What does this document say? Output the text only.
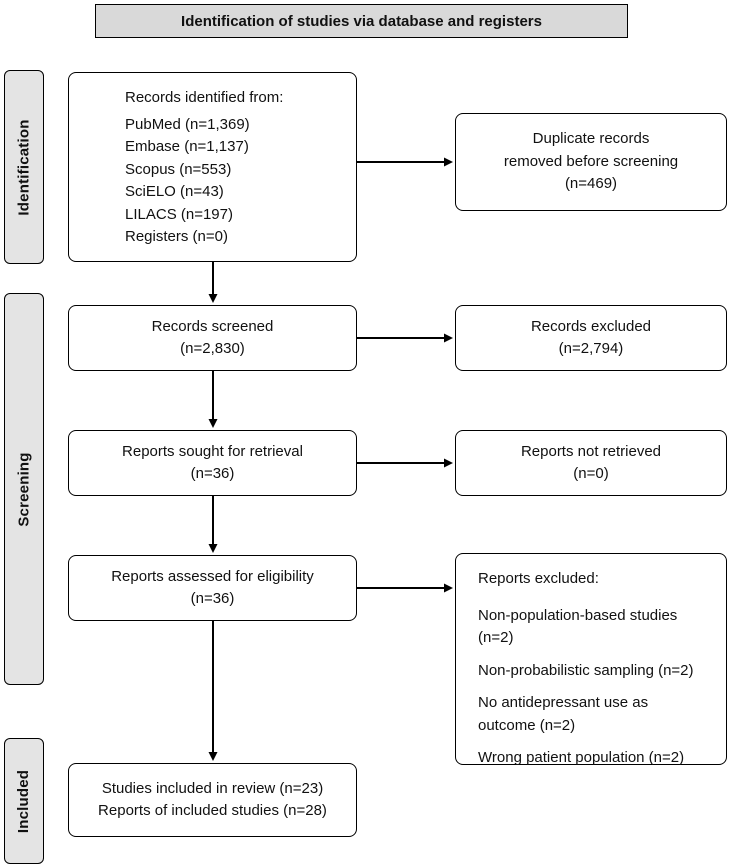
Identification of studies via database and registers
Identification
Screening
Included
Records identified from:
PubMed (n=1,369)
Embase (n=1,137)
Scopus (n=553)
SciELO (n=43)
LILACS (n=197)
Registers (n=0)
Duplicate records
removed before screening
(n=469)
Records screened
(n=2,830)
Records excluded
(n=2,794)
Reports sought for retrieval
(n=36)
Reports not retrieved
(n=0)
Reports assessed for eligibility
(n=36)
Reports excluded:
Non-population-based studies (n=2)
Non-probabilistic sampling (n=2)
No antidepressant use as outcome (n=2)
Wrong patient population (n=2)
Studies included in review (n=23)
Reports of included studies (n=28)
